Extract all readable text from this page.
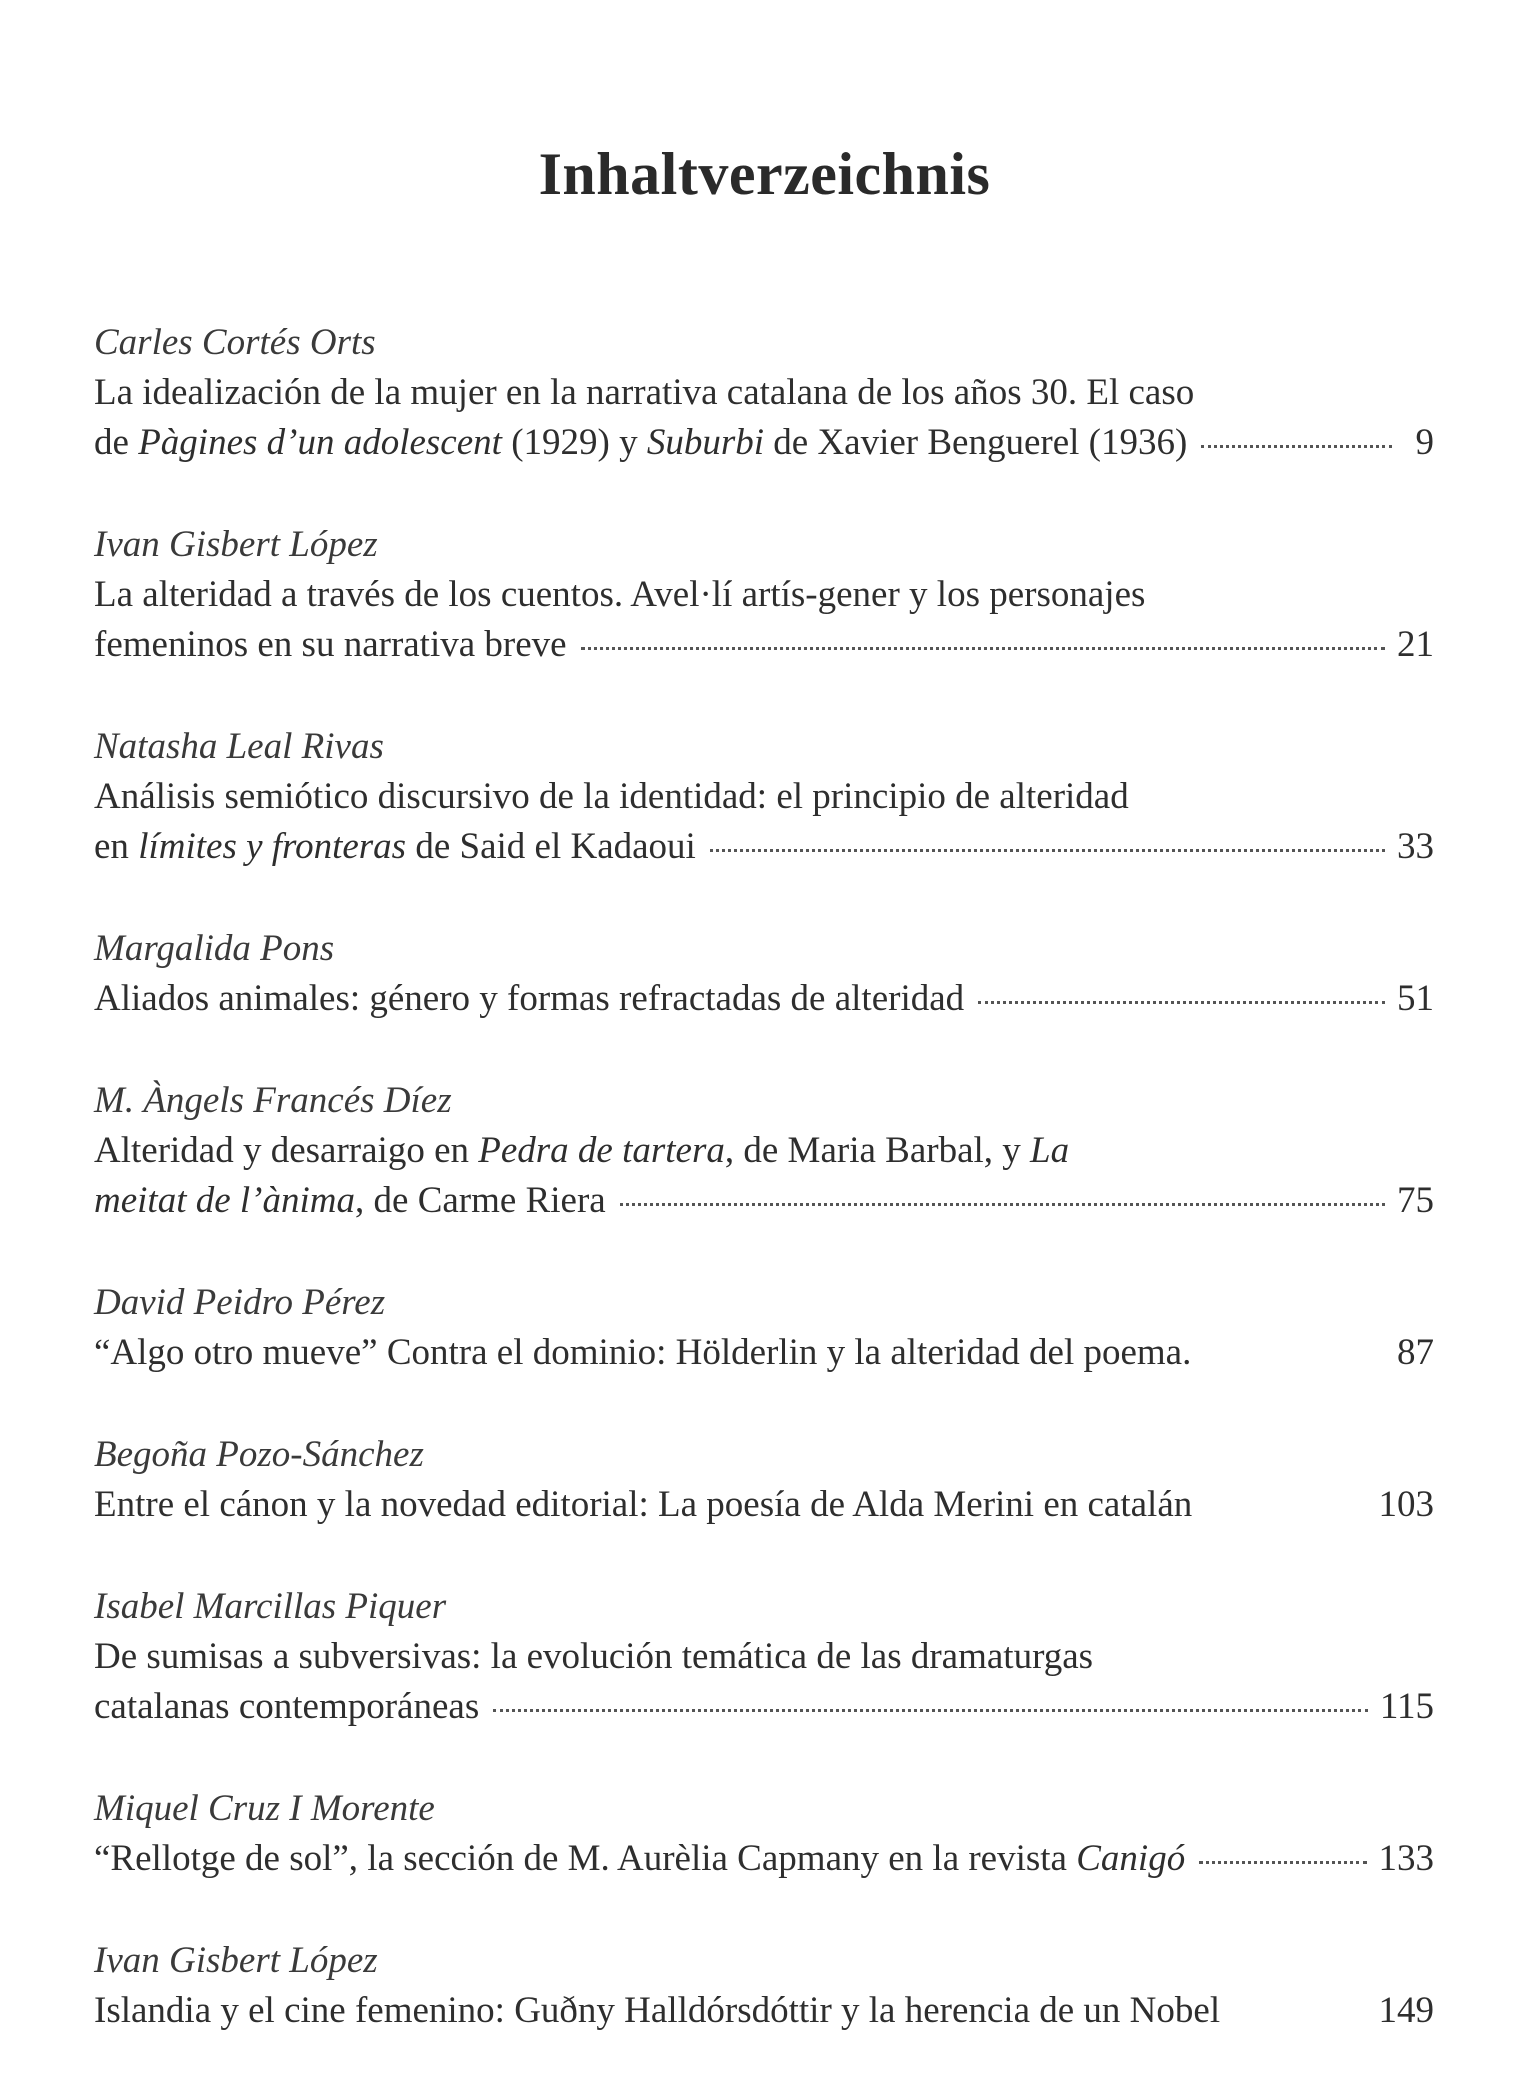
Inhaltverzeichnis
Carles Cortés Orts
La idealización de la mujer en la narrativa catalana de los años 30. El caso
de Pàgines d’un adolescent (1929) y Suburbi de Xavier Benguerel (1936)	9
Ivan Gisbert López
La alteridad a través de los cuentos. Avel·lí artís-gener y los personajes
femeninos en su narrativa breve	21
Natasha Leal Rivas
Análisis semiótico discursivo de la identidad: el principio de alteridad
en límites y fronteras de Said el Kadaoui	33
Margalida Pons
Aliados animales: género y formas refractadas de alteridad	51
M. Àngels Francés Díez
Alteridad y desarraigo en Pedra de tartera, de Maria Barbal, y La
meitat de l’ànima, de Carme Riera	75
David Peidro Pérez
“Algo otro mueve” Contra el dominio: Hölderlin y la alteridad del poema.	87
Begoña Pozo-Sánchez
Entre el cánon y la novedad editorial: La poesía de Alda Merini en catalán	103
Isabel Marcillas Piquer
De sumisas a subversivas: la evolución temática de las dramaturgas
catalanas contemporáneas	115
Miquel Cruz I Morente
“Rellotge de sol”, la sección de M. Aurèlia Capmany en la revista Canigó	133
Ivan Gisbert López
Islandia y el cine femenino: Guðny Halldórsdóttir y la herencia de un Nobel	149
